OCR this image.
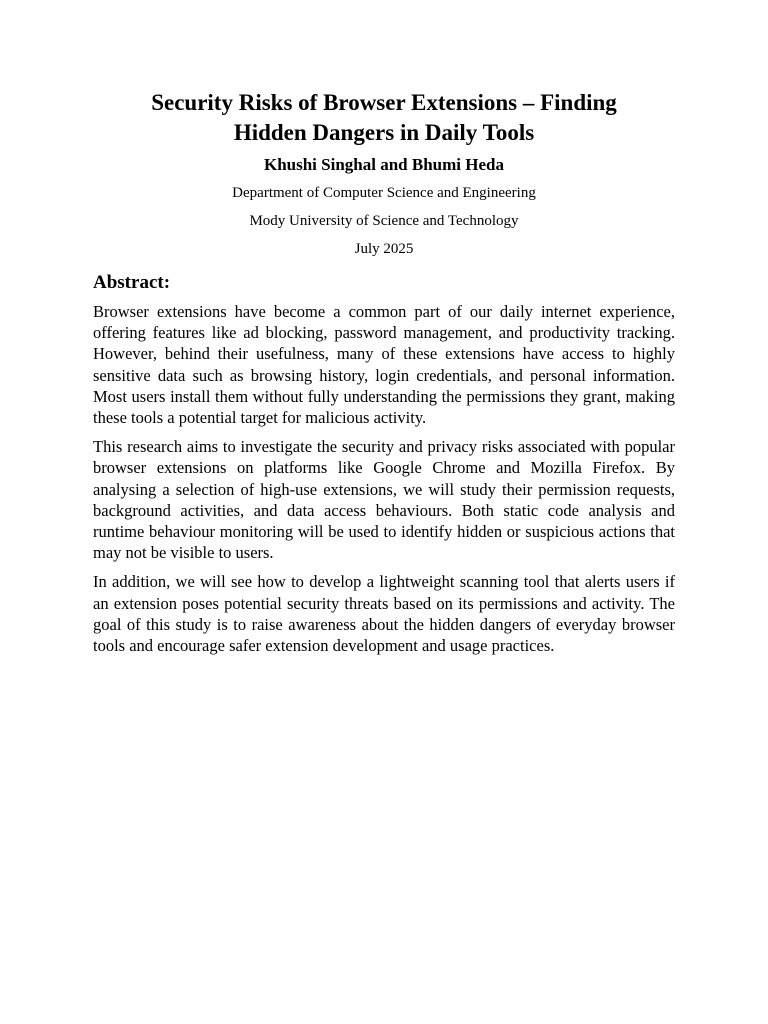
Security Risks of Browser Extensions – Finding
Hidden Dangers in Daily Tools

Khushi Singhal and Bhumi Heda

Department of Computer Science and Engineering

Mody University of Science and Technology

July 2025

Abstract:

Browser extensions have become a common part of our daily internet experience, offering features like ad blocking, password management, and productivity tracking. However, behind their usefulness, many of these extensions have access to highly sensitive data such as browsing history, login credentials, and personal information. Most users install them without fully understanding the permissions they grant, making these tools a potential target for malicious activity.

This research aims to investigate the security and privacy risks associated with popular browser extensions on platforms like Google Chrome and Mozilla Firefox. By analysing a selection of high-use extensions, we will study their permission requests, background activities, and data access behaviours. Both static code analysis and runtime behaviour monitoring will be used to identify hidden or suspicious actions that may not be visible to users.

In addition, we will see how to develop a lightweight scanning tool that alerts users if an extension poses potential security threats based on its permissions and activity. The goal of this study is to raise awareness about the hidden dangers of everyday browser tools and encourage safer extension development and usage practices.
